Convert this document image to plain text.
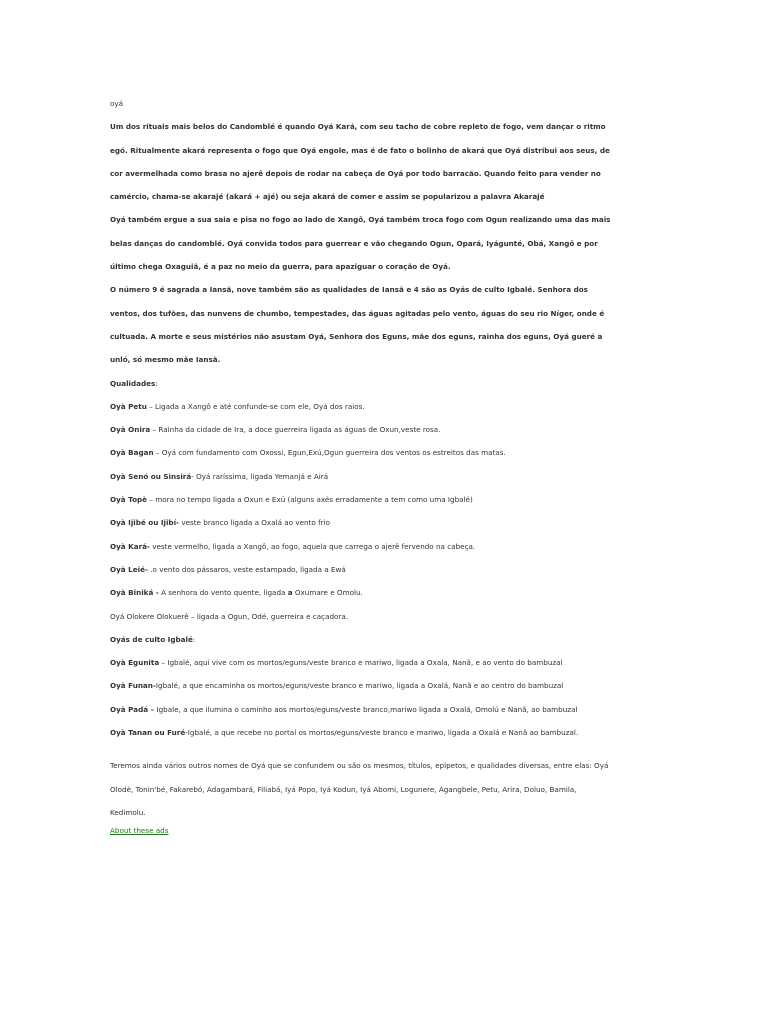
oyá
Um dos rituais mais belos do Candomblé é quando Oyá Kará, com seu tacho de cobre repleto de fogo, vem dançar o ritmo
egó. Ritualmente akará representa o fogo que Oyá engole, mas é de fato o bolinho de akará que Oyá distribui aos seus, de
cor avermelhada como brasa no ajerê depois de rodar na cabeça de Oyá por todo barracão. Quando feito para vender no
camércio, chama-se akarajé (akará + ajé) ou seja akará de comer e assim se popularizou a palavra Akarajé
Oyá também ergue a sua saia e pisa no fogo ao lado de Xangô, Oyá também troca fogo com Ogun realizando uma das mais
belas danças do candomblé. Oyá convida todos para guerrear e vão chegando Ogun, Opará, Iyágunté, Obá, Xangô e por
último chega Oxaguiã, é a paz no meio da guerra, para apaziguar o coração de Oyá.
O número 9 é sagrada a Iansã, nove também são as qualidades de Iansã e 4 são as Oyás de culto Igbalé. Senhora dos
ventos, dos tufões, das nunvens de chumbo, tempestades, das águas agitadas pelo vento, águas do seu rio Níger, onde é
cultuada. A morte e seus mistérios não asustam Oyá, Senhora dos Eguns, mãe dos eguns, rainha dos eguns, Oyá gueré a
unló, só mesmo mãe Iansã.
Qualidades:
Oyà Petu – Ligada a Xangô e até confunde-se com ele, Oyá dos raios.
Oyà Onira – Rainha da cidade de Ira, a doce guerreira ligada as águas de Oxun,veste rosa.
Oyà Bagan – Oyá com fundamento com Oxossi, Egun,Exú,Ogun guerreira dos ventos os estreitos das matas.
Oyà Senó ou Sinsirá- Oyá raríssima, ligada Yemanjá e Airá
Oyà Topè – mora no tempo ligada a Oxun e Exú (alguns axés erradamente a tem como uma Igbalé)
Oyà Ijibé ou Ijibí- veste branco ligada a Oxalá ao vento frio
Oyà Kará- veste vermelho, ligada a Xangô, ao fogo, aquela que carrega o ajerê fervendo na cabeça.
Oyà Leié- .o vento dos pássaros, veste estampado, ligada a Ewá
Oyà Biniká - A senhora do vento quente, ligada a Oxumare e Omolu.
Oyá Olokere Olokuerê – ligada a Ogun, Odé, guerreira e caçadora.
Oyás de culto Igbalé:
Oyà Egunita – Igbalé, aqui vive com os mortos/eguns/veste branco e mariwo, ligada a Oxala, Nanã, e ao vento do bambuzal
Oyà Funan-Igbalé, a que encaminha os mortos/eguns/veste branco e mariwo, ligada a Oxalá, Nanã e ao centro do bambuzal
Oyà Padá – Igbale, a que ilumina o caminho aos mortos/eguns/veste branco,mariwo ligada a Oxalá, Omolú e Nanã, ao bambuzal
Oyà Tanan ou Furé-Igbalé, a que recebe no portal os mortos/eguns/veste branco e mariwo, ligada a Oxalá e Nanã ao bambuzal.
Teremos ainda vários outros nomes de Oyá que se confundem ou são os mesmos, títulos, epípetos, e qualidades diversas, entre elas: Oyá
Olodè, Tonin'bé, Fakarebó, Adagambará, Filiabá, Iyá Popo, Iyá Kodun, Iyá Abomi, Logunere, Agangbele, Petu, Arira, Doluo, Bamila,
Kedimolu.
About these ads
